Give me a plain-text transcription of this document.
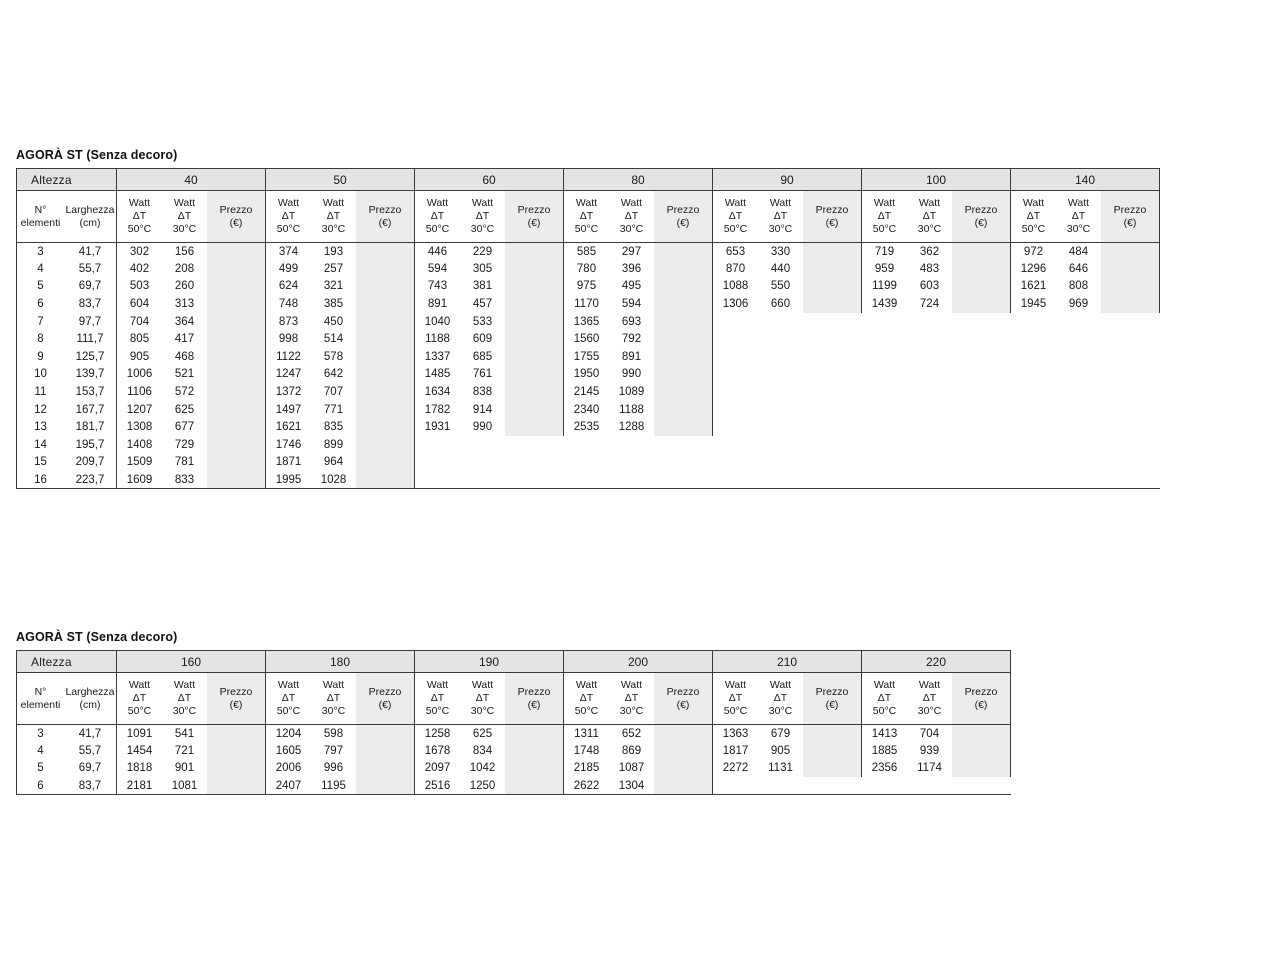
AGORÀ ST (Senza decoro)
Altezza		40			50			60			80			90			100			140		

N°
elementi

Larghezza
(cm)

Watt
ΔT
50°C

Watt
ΔT
30°C

Prezzo
(€)

Watt
ΔT
50°C

Watt
ΔT
30°C

Prezzo
(€)

Watt
ΔT
50°C

Watt
ΔT
30°C

Prezzo
(€)

Watt
ΔT
50°C

Watt
ΔT
30°C

Prezzo
(€)

Watt
ΔT
50°C

Watt
ΔT
30°C

Prezzo
(€)

Watt
ΔT
50°C

Watt
ΔT
30°C

Prezzo
(€)

Watt
ΔT
50°C

Watt
ΔT
30°C

Prezzo
(€)

3	41,7	302	156		374	193		446	229		585	297		653	330		719	362		972	484	
4	55,7	402	208		499	257		594	305		780	396		870	440		959	483		1296	646	
5	69,7	503	260		624	321		743	381		975	495		1088	550		1199	603		1621	808	
6	83,7	604	313		748	385		891	457		1170	594		1306	660		1439	724		1945	969	
7	97,7	704	364		873	450		1040	533		1365	693										
8	111,7	805	417		998	514		1188	609		1560	792										
9	125,7	905	468		1122	578		1337	685		1755	891										
10	139,7	1006	521		1247	642		1485	761		1950	990										
11	153,7	1106	572		1372	707		1634	838		2145	1089										
12	167,7	1207	625		1497	771		1782	914		2340	1188										
13	181,7	1308	677		1621	835		1931	990		2535	1288										
14	195,7	1408	729		1746	899																
15	209,7	1509	781		1871	964																
16	223,7	1609	833		1995	1028																

AGORÀ ST (Senza decoro)
Altezza		160			180			190			200			210			220		

N°
elementi

Larghezza
(cm)

Watt
ΔT
50°C

Watt
ΔT
30°C

Prezzo
(€)

Watt
ΔT
50°C

Watt
ΔT
30°C

Prezzo
(€)

Watt
ΔT
50°C

Watt
ΔT
30°C

Prezzo
(€)

Watt
ΔT
50°C

Watt
ΔT
30°C

Prezzo
(€)

Watt
ΔT
50°C

Watt
ΔT
30°C

Prezzo
(€)

Watt
ΔT
50°C

Watt
ΔT
30°C

Prezzo
(€)

3	41,7	1091	541		1204	598		1258	625		1311	652		1363	679		1413	704	
4	55,7	1454	721		1605	797		1678	834		1748	869		1817	905		1885	939	
5	69,7	1818	901		2006	996		2097	1042		2185	1087		2272	1131		2356	1174	
6	83,7	2181	1081		2407	1195		2516	1250		2622	1304							
